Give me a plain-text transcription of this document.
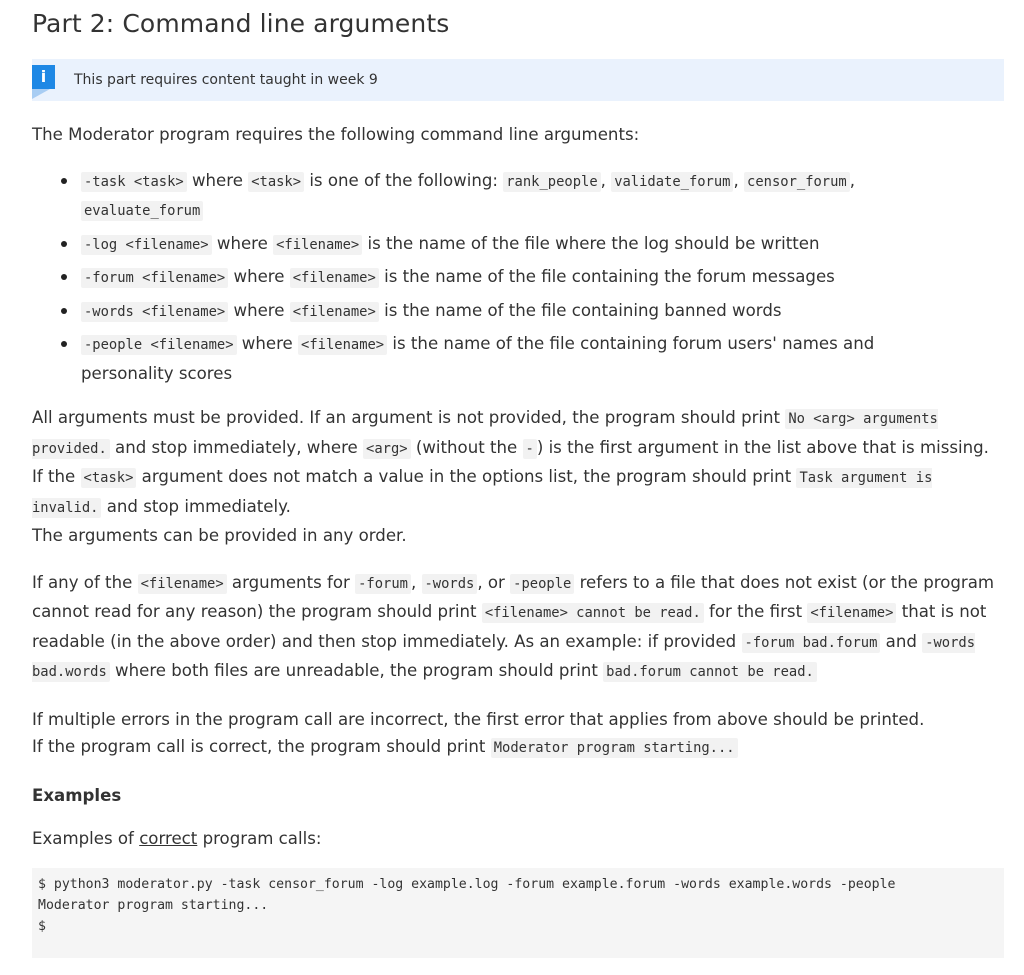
Part 2: Command line arguments
i	This part requires content taught in week 9

The Moderator program requires the following command line arguments:

-task <task> where <task> is one of the following: rank_people , validate_forum , censor_forum , evaluate_forum
-log <filename> where <filename> is the name of the file where the log should be written
-forum <filename> where <filename> is the name of the file containing the forum messages
-words <filename> where <filename> is the name of the file containing banned words
-people <filename> where <filename> is the name of the file containing forum users' names and personality scores

All arguments must be provided. If an argument is not provided, the program should print No <arg> arguments provided. and stop immediately, where <arg> (without the - ) is the first argument in the list above that is missing.

If the <task> argument does not match a value in the options list, the program should print Task argument is invalid. and stop immediately.

The arguments can be provided in any order.

If any of the <filename> arguments for -forum , -words , or -people refers to a file that does not exist (or the program cannot read for any reason) the program should print <filename> cannot be read. for the first <filename> that is not readable (in the above order) and then stop immediately. As an example: if provided -forum bad.forum and -words bad.words where both files are unreadable, the program should print bad.forum cannot be read.

If multiple errors in the program call are incorrect, the first error that applies from above should be printed.

If the program call is correct, the program should print Moderator program starting...

Examples

Examples of correct program calls:

$ python3 moderator.py -task censor_forum -log example.log -forum example.forum -words example.words -people
Moderator program starting...
$
